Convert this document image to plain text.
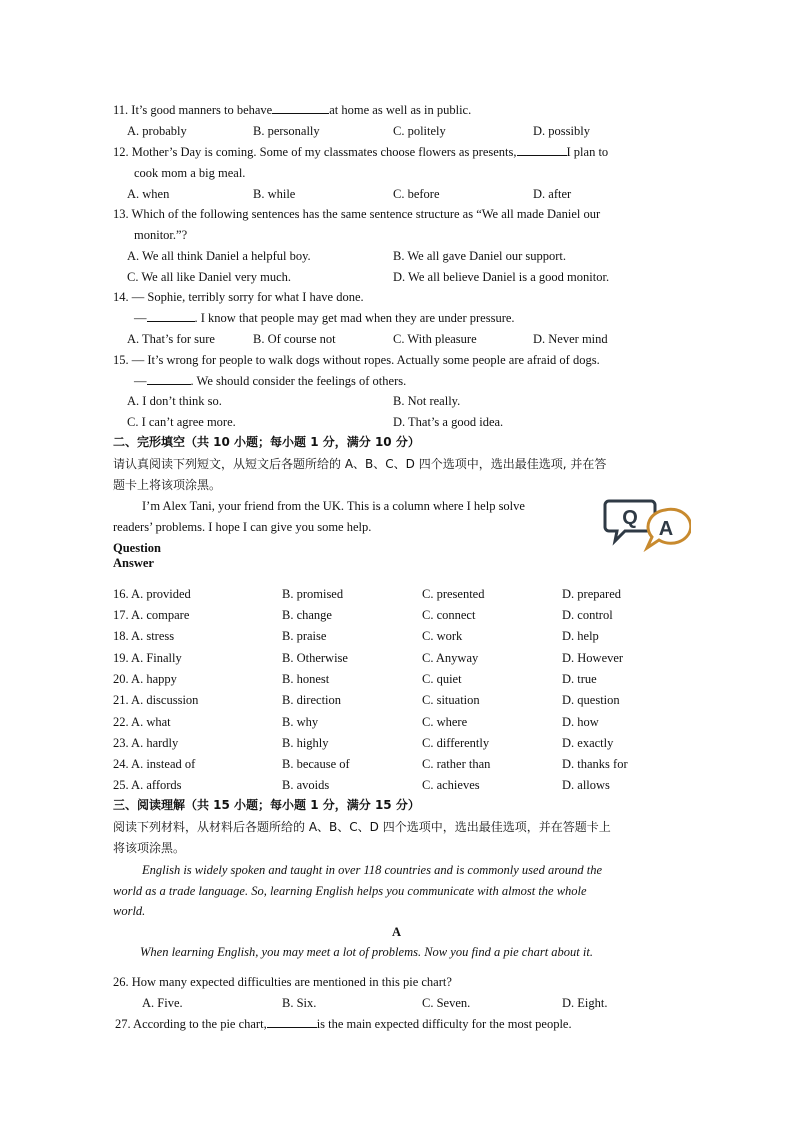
11. It’s good manners to behave	at home as well as in public.
A. probably	B. personally	C. politely	D. possibly
12. Mother’s Day is coming. Some of my classmates choose flowers as presents,	I plan to
cook mom a big meal.
A. when	B. while	C. before	D. after
13. Which of the following sentences has the same sentence structure as “We all made Daniel our
monitor.”?
A. We all think Daniel a helpful boy.	B. We all gave Daniel our support.
C. We all like Daniel very much.	D. We all believe Daniel is a good monitor.
14. — Sophie, terribly sorry for what I have done.
—	. I know that people may get mad when they are under pressure.
A. That’s for sure	B. Of course not	C. With pleasure	D. Never mind
15. — It’s wrong for people to walk dogs without ropes. Actually some people are afraid of dogs.
—	. We should consider the feelings of others.
A. I don’t think so.	B. Not really.
C. I can’t agree more.	D. That’s a good idea.
二、完形填空（共 10 小题；每小题 1 分，满分 10 分）
请认真阅读下列短文，从短文后各题所给的 A、B、C、D 四个选项中，选出最佳选项, 并在答
题卡上将该项涂黑。
I’m Alex Tani, your friend from the UK. This is a column where I help solve
readers’ problems. I hope I can give you some help.	Q A
Question
Answer
16. A. provided	B. promised	C. presented	D. prepared
17. A. compare	B. change	C. connect	D. control
18. A. stress	B. praise	C. work	D. help
19. A. Finally	B. Otherwise	C. Anyway	D. However
20. A. happy	B. honest	C. quiet	D. true
21. A. discussion	B. direction	C. situation	D. question
22. A. what	B. why	C. where	D. how
23. A. hardly	B. highly	C. differently	D. exactly
24. A. instead of	B. because of	C. rather than	D. thanks for
25. A. affords	B. avoids	C. achieves	D. allows
三、阅读理解（共 15 小题；每小题 1 分，满分 15 分）
阅读下列材料，从材料后各题所给的 A、B、C、D 四个选项中，选出最佳选项，并在答题卡上
将该项涂黑。
English is widely spoken and taught in over 118 countries and is commonly used around the
world as a trade language. So, learning English helps you communicate with almost the whole
world.
A
When learning English, you may meet a lot of problems. Now you find a pie chart about it.
26. How many expected difficulties are mentioned in this pie chart?
A. Five.	B. Six.	C. Seven.	D. Eight.
27. According to the pie chart,	is the main expected difficulty for the most people.
